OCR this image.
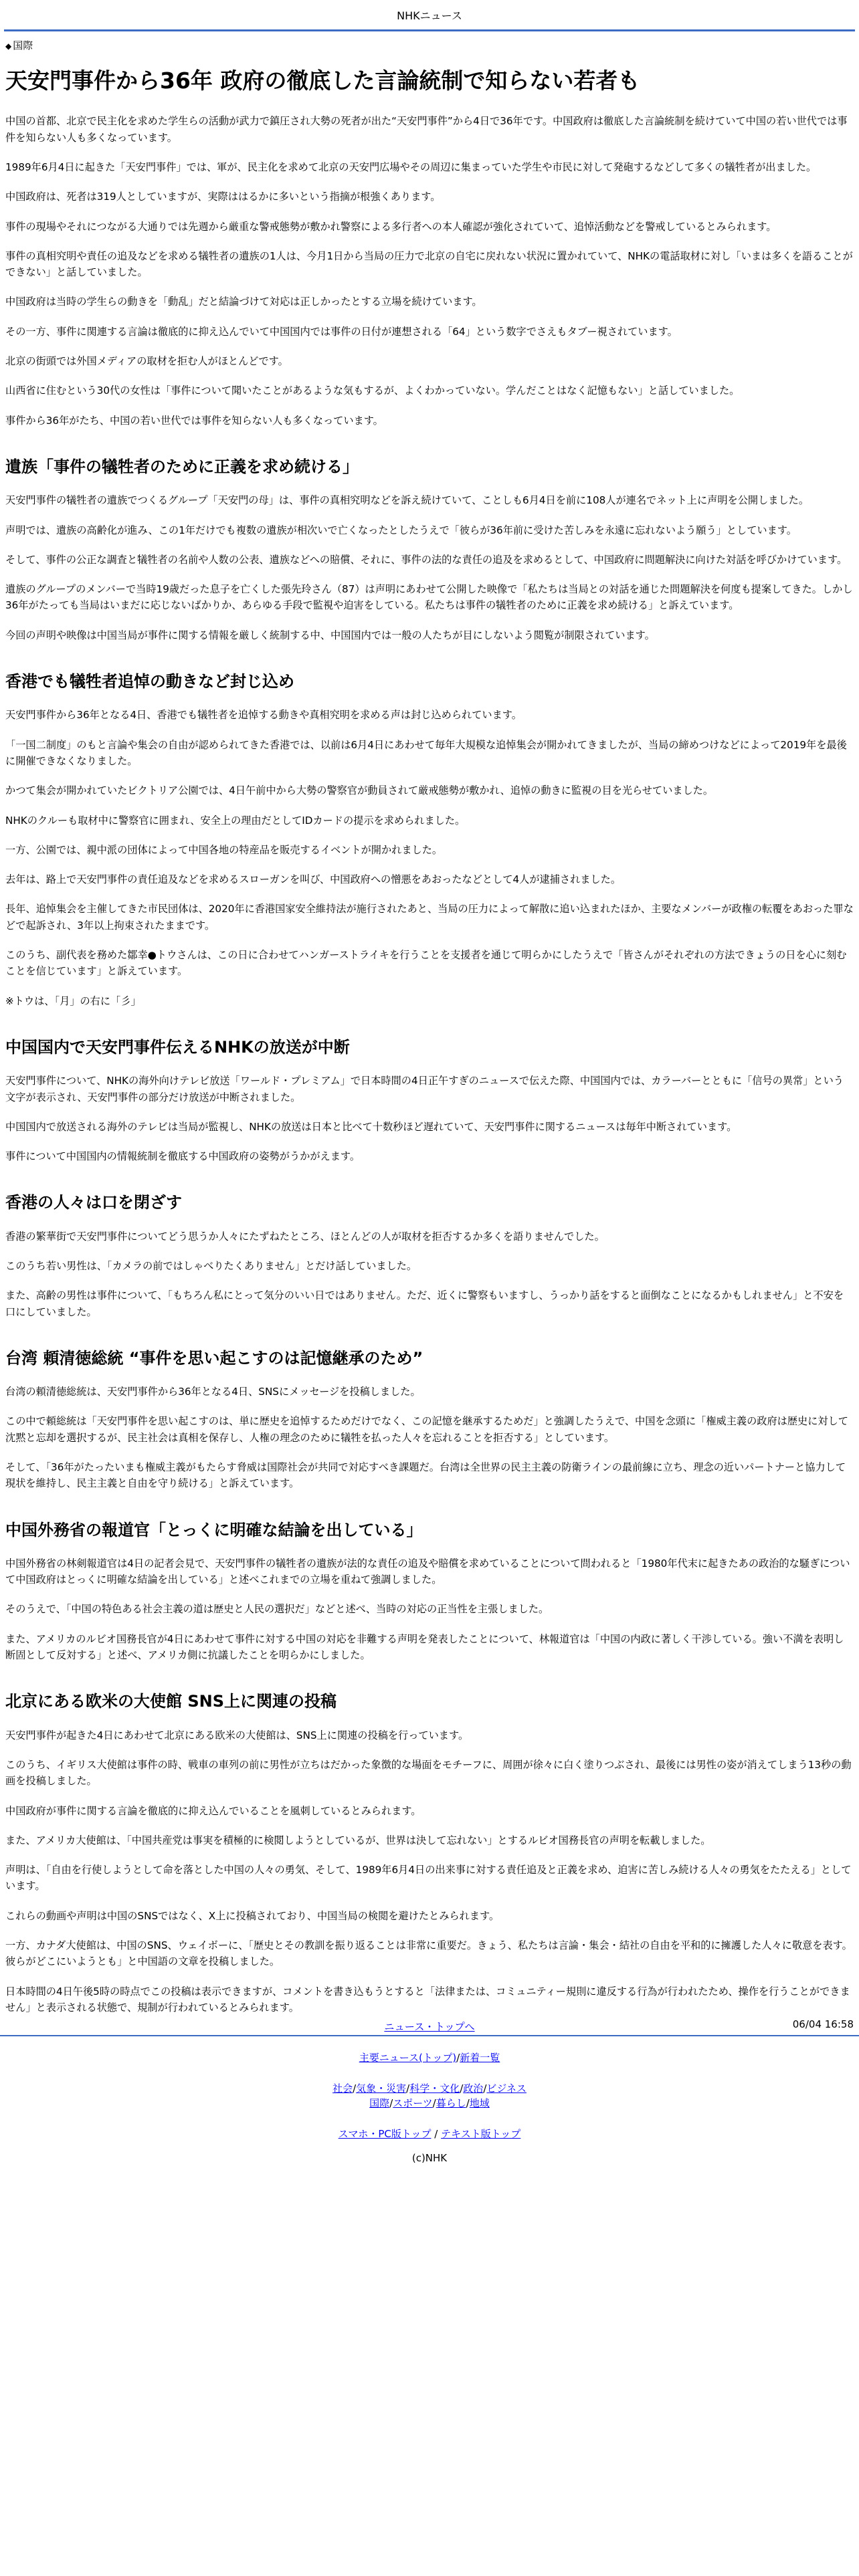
NHKニュース
◆ 国際
天安門事件から36年 政府の徹底した言論統制で知らない若者も

中国の首都、北京で民主化を求めた学生らの活動が武力で鎮圧され大勢の死者が出た“天安門事件”から4日で36年です。中国政府は徹底した言論統制を続けていて中国の若い世代では事件を知らない人も多くなっています。

1989年6月4日に起きた「天安門事件」では、軍が、民主化を求めて北京の天安門広場やその周辺に集まっていた学生や市民に対して発砲するなどして多くの犠牲者が出ました。

中国政府は、死者は319人としていますが、実際ははるかに多いという指摘が根強くあります。

事件の現場やそれにつながる大通りでは先週から厳重な警戒態勢が敷かれ警察による多行者への本人確認が強化されていて、追悼活動などを警戒しているとみられます。

事件の真相究明や責任の追及などを求める犠牲者の遺族の1人は、今月1日から当局の圧力で北京の自宅に戻れない状況に置かれていて、NHKの電話取材に対し「いまは多くを語ることができない」と話していました。

中国政府は当時の学生らの動きを「動乱」だと結論づけて対応は正しかったとする立場を続けています。

その一方、事件に関連する言論は徹底的に抑え込んでいて中国国内では事件の日付が連想される「64」という数字でさえもタブー視されています。

北京の街頭では外国メディアの取材を拒む人がほとんどです。

山西省に住むという30代の女性は「事件について聞いたことがあるような気もするが、よくわかっていない。学んだことはなく記憶もない」と話していました。

事件から36年がたち、中国の若い世代では事件を知らない人も多くなっています。

遺族「事件の犠牲者のために正義を求め続ける」

天安門事件の犠牲者の遺族でつくるグループ「天安門の母」は、事件の真相究明などを訴え続けていて、ことしも6月4日を前に108人が連名でネット上に声明を公開しました。

声明では、遺族の高齢化が進み、この1年だけでも複数の遺族が相次いで亡くなったとしたうえで「彼らが36年前に受けた苦しみを永遠に忘れないよう願う」としています。

そして、事件の公正な調査と犠牲者の名前や人数の公表、遺族などへの賠償、それに、事件の法的な責任の追及を求めるとして、中国政府に問題解決に向けた対話を呼びかけています。

遺族のグループのメンバーで当時19歳だった息子を亡くした張先玲さん（87）は声明にあわせて公開した映像で「私たちは当局との対話を通じた問題解決を何度も提案してきた。しかし36年がたっても当局はいまだに応じないばかりか、あらゆる手段で監視や迫害をしている。私たちは事件の犠牲者のために正義を求め続ける」と訴えています。

今回の声明や映像は中国当局が事件に関する情報を厳しく統制する中、中国国内では一般の人たちが目にしないよう閲覧が制限されています。

香港でも犠牲者追悼の動きなど封じ込め

天安門事件から36年となる4日、香港でも犠牲者を追悼する動きや真相究明を求める声は封じ込められています。

「一国二制度」のもと言論や集会の自由が認められてきた香港では、以前は6月4日にあわせて毎年大規模な追悼集会が開かれてきましたが、当局の締めつけなどによって2019年を最後に開催できなくなりました。

かつて集会が開かれていたビクトリア公園では、4日午前中から大勢の警察官が動員されて厳戒態勢が敷かれ、追悼の動きに監視の目を光らせていました。

NHKのクルーも取材中に警察官に囲まれ、安全上の理由だとしてIDカードの提示を求められました。

一方、公園では、親中派の団体によって中国各地の特産品を販売するイベントが開かれました。

去年は、路上で天安門事件の責任追及などを求めるスローガンを叫び、中国政府への憎悪をあおったなどとして4人が逮捕されました。

長年、追悼集会を主催してきた市民団体は、2020年に香港国家安全維持法が施行されたあと、当局の圧力によって解散に追い込まれたほか、主要なメンバーが政権の転覆をあおった罪などで起訴され、3年以上拘束されたままです。

このうち、副代表を務めた鄒幸●トウさんは、この日に合わせてハンガーストライキを行うことを支援者を通じて明らかにしたうえで「皆さんがそれぞれの方法できょうの日を心に刻むことを信じています」と訴えています。

※トウは、「月」の右に「彡」

中国国内で天安門事件伝えるNHKの放送が中断

天安門事件について、NHKの海外向けテレビ放送「ワールド・プレミアム」で日本時間の4日正午すぎのニュースで伝えた際、中国国内では、カラーバーとともに「信号の異常」という文字が表示され、天安門事件の部分だけ放送が中断されました。

中国国内で放送される海外のテレビは当局が監視し、NHKの放送は日本と比べて十数秒ほど遅れていて、天安門事件に関するニュースは毎年中断されています。

事件について中国国内の情報統制を徹底する中国政府の姿勢がうかがえます。

香港の人々は口を閉ざす

香港の繁華街で天安門事件についてどう思うか人々にたずねたところ、ほとんどの人が取材を拒否するか多くを語りませんでした。

このうち若い男性は、「カメラの前ではしゃべりたくありません」とだけ話していました。

また、高齢の男性は事件について、「もちろん私にとって気分のいい日ではありません。ただ、近くに警察もいますし、うっかり話をすると面倒なことになるかもしれません」と不安を口にしていました。

台湾 頼清徳総統 “事件を思い起こすのは記憶継承のため”

台湾の頼清徳総統は、天安門事件から36年となる4日、SNSにメッセージを投稿しました。

この中で頼総統は「天安門事件を思い起こすのは、単に歴史を追悼するためだけでなく、この記憶を継承するためだ」と強調したうえで、中国を念頭に「権威主義の政府は歴史に対して沈黙と忘却を選択するが、民主社会は真相を保存し、人権の理念のために犠牲を払った人々を忘れることを拒否する」としています。

そして、「36年がたったいまも権威主義がもたらす脅威は国際社会が共同で対応すべき課題だ。台湾は全世界の民主主義の防衛ラインの最前線に立ち、理念の近いパートナーと協力して現状を維持し、民主主義と自由を守り続ける」と訴えています。

中国外務省の報道官「とっくに明確な結論を出している」

中国外務省の林剣報道官は4日の記者会見で、天安門事件の犠牲者の遺族が法的な責任の追及や賠償を求めていることについて問われると「1980年代末に起きたあの政治的な騒ぎについて中国政府はとっくに明確な結論を出している」と述べこれまでの立場を重ねて強調しました。

そのうえで、「中国の特色ある社会主義の道は歴史と人民の選択だ」などと述べ、当時の対応の正当性を主張しました。

また、アメリカのルビオ国務長官が4日にあわせて事件に対する中国の対応を非難する声明を発表したことについて、林報道官は「中国の内政に著しく干渉している。強い不満を表明し断固として反対する」と述べ、アメリカ側に抗議したことを明らかにしました。

北京にある欧米の大使館 SNS上に関連の投稿

天安門事件が起きた4日にあわせて北京にある欧米の大使館は、SNS上に関連の投稿を行っています。

このうち、イギリス大使館は事件の時、戦車の車列の前に男性が立ちはだかった象徴的な場面をモチーフに、周囲が徐々に白く塗りつぶされ、最後には男性の姿が消えてしまう13秒の動画を投稿しました。

中国政府が事件に関する言論を徹底的に抑え込んでいることを風刺しているとみられます。

また、アメリカ大使館は、「中国共産党は事実を積極的に検閲しようとしているが、世界は決して忘れない」とするルビオ国務長官の声明を転載しました。

声明は、「自由を行使しようとして命を落とした中国の人々の勇気、そして、1989年6月4日の出来事に対する責任追及と正義を求め、迫害に苦しみ続ける人々の勇気をたたえる」としています。

これらの動画や声明は中国のSNSではなく、X上に投稿されており、中国当局の検閲を避けたとみられます。

一方、カナダ大使館は、中国のSNS、ウェイボーに、「歴史とその教訓を振り返ることは非常に重要だ。きょう、私たちは言論・集会・結社の自由を平和的に擁護した人々に敬意を表す。彼らがどこにいようとも」と中国語の文章を投稿しました。

日本時間の4日午後5時の時点でこの投稿は表示できますが、コメントを書き込もうとすると「法律または、コミュニティー規則に違反する行為が行われたため、操作を行うことができません」と表示される状態で、規制が行われているとみられます。

06/04 16:58
ニュース・トップへ
主要ニュース(トップ)/新着一覧
社会/気象・災害/科学・文化/政治/ビジネス
国際/スポーツ/暮らし/地域
スマホ・PC版トップ / テキスト版トップ
(c)NHK
